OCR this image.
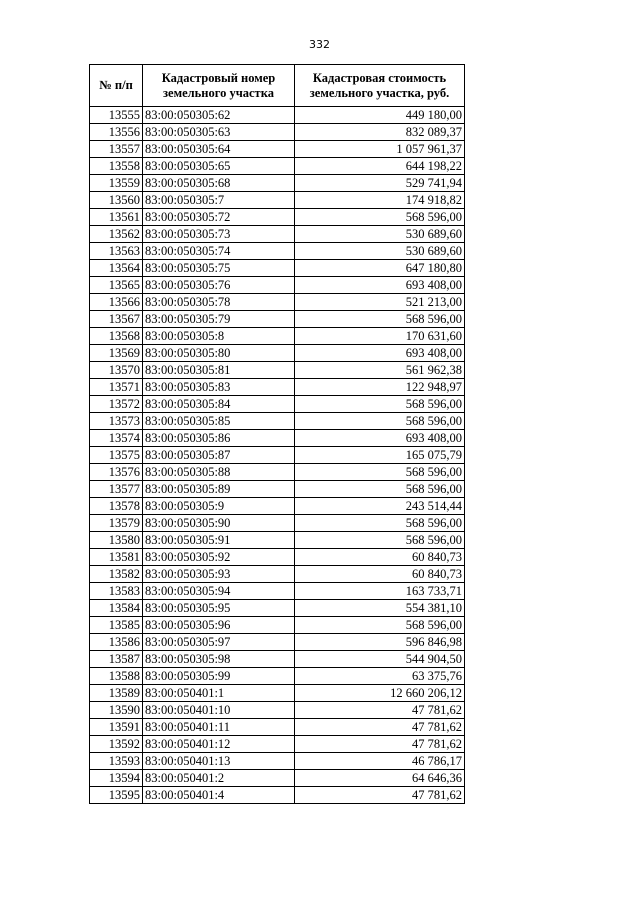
332
№ п/п	Кадастровый номер земельного участка	Кадастровая стоимость земельного участка, руб.
13555	83:00:050305:62	449 180,00
13556	83:00:050305:63	832 089,37
13557	83:00:050305:64	1 057 961,37
13558	83:00:050305:65	644 198,22
13559	83:00:050305:68	529 741,94
13560	83:00:050305:7	174 918,82
13561	83:00:050305:72	568 596,00
13562	83:00:050305:73	530 689,60
13563	83:00:050305:74	530 689,60
13564	83:00:050305:75	647 180,80
13565	83:00:050305:76	693 408,00
13566	83:00:050305:78	521 213,00
13567	83:00:050305:79	568 596,00
13568	83:00:050305:8	170 631,60
13569	83:00:050305:80	693 408,00
13570	83:00:050305:81	561 962,38
13571	83:00:050305:83	122 948,97
13572	83:00:050305:84	568 596,00
13573	83:00:050305:85	568 596,00
13574	83:00:050305:86	693 408,00
13575	83:00:050305:87	165 075,79
13576	83:00:050305:88	568 596,00
13577	83:00:050305:89	568 596,00
13578	83:00:050305:9	243 514,44
13579	83:00:050305:90	568 596,00
13580	83:00:050305:91	568 596,00
13581	83:00:050305:92	60 840,73
13582	83:00:050305:93	60 840,73
13583	83:00:050305:94	163 733,71
13584	83:00:050305:95	554 381,10
13585	83:00:050305:96	568 596,00
13586	83:00:050305:97	596 846,98
13587	83:00:050305:98	544 904,50
13588	83:00:050305:99	63 375,76
13589	83:00:050401:1	12 660 206,12
13590	83:00:050401:10	47 781,62
13591	83:00:050401:11	47 781,62
13592	83:00:050401:12	47 781,62
13593	83:00:050401:13	46 786,17
13594	83:00:050401:2	64 646,36
13595	83:00:050401:4	47 781,62
